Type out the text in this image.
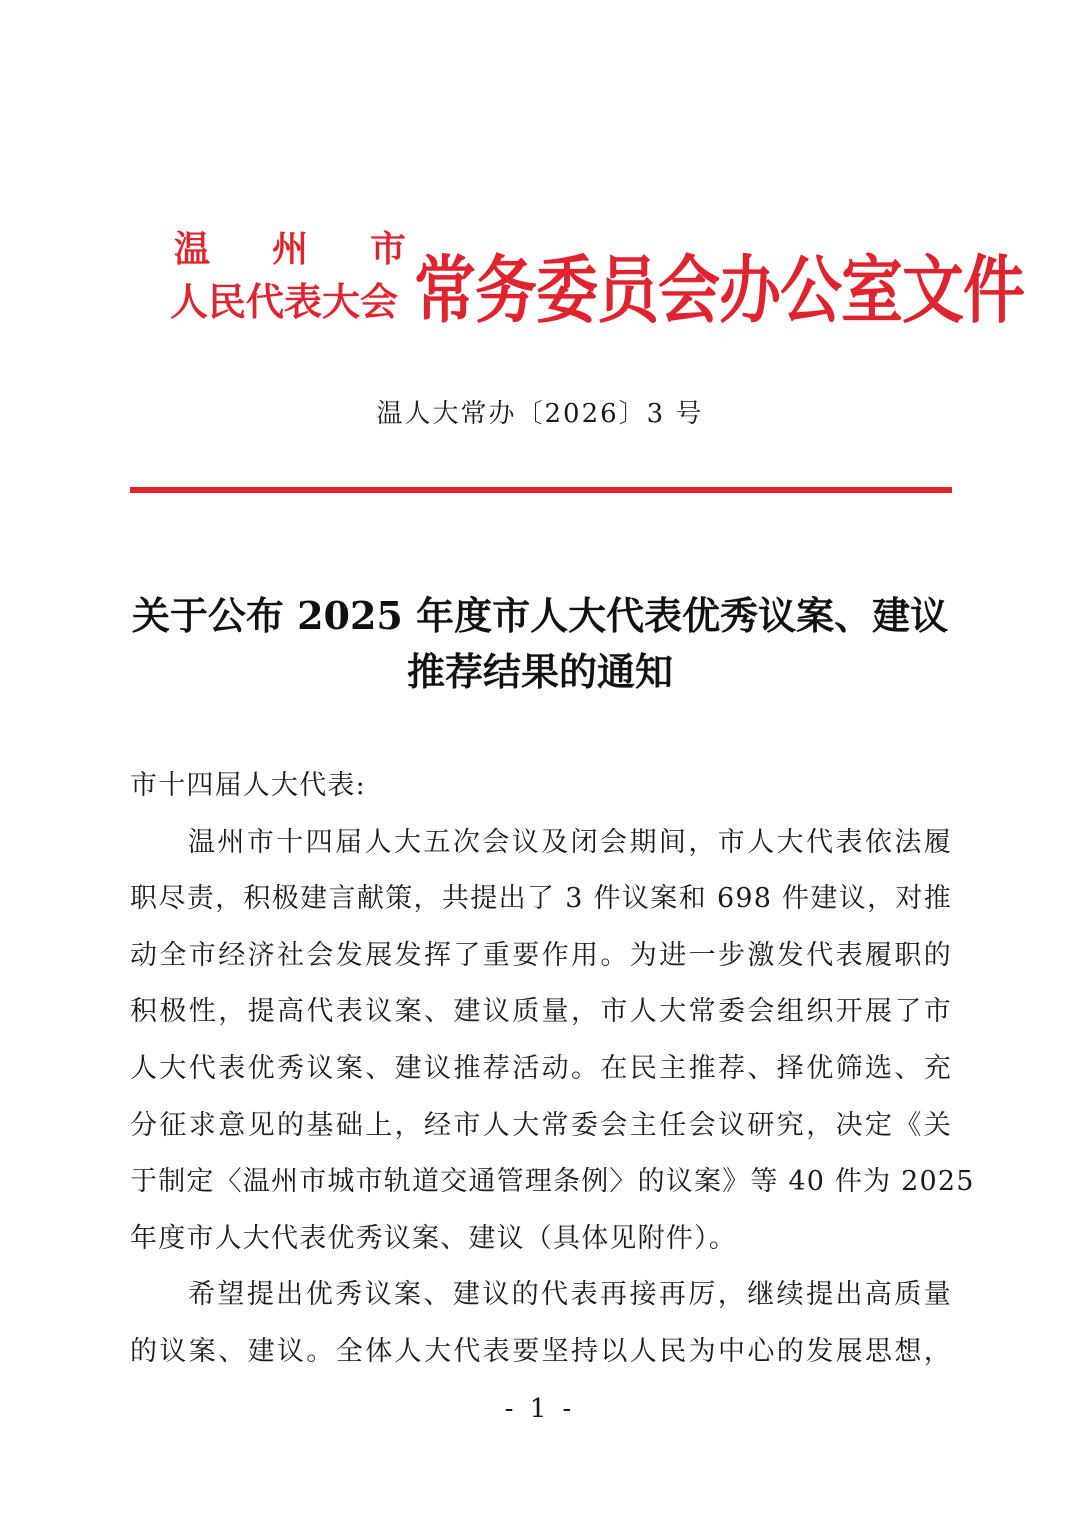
温 州 市
人民代表大会 常务委员会办公室文件
温人大常办〔2026〕3 号
关于公布 2025 年度市人大代表优秀议案、建议
推荐结果的通知
市十四届人大代表:
温州市十四届人大五次会议及闭会期间，市人大代表依法履
职尽责，积极建言献策，共提出了 3 件议案和 698 件建议，对推
动全市经济社会发展发挥了重要作用。为进一步激发代表履职的
积极性，提高代表议案、建议质量，市人大常委会组织开展了市
人大代表优秀议案、建议推荐活动。在民主推荐、择优筛选、充
分征求意见的基础上，经市人大常委会主任会议研究，决定《关
于制定〈温州市城市轨道交通管理条例〉的议案》等 40 件为 2025
年度市人大代表优秀议案、建议（具体见附件）。
希望提出优秀议案、建议的代表再接再厉，继续提出高质量
的议案、建议。全体人大代表要坚持以人民为中心的发展思想，
- 1 -
